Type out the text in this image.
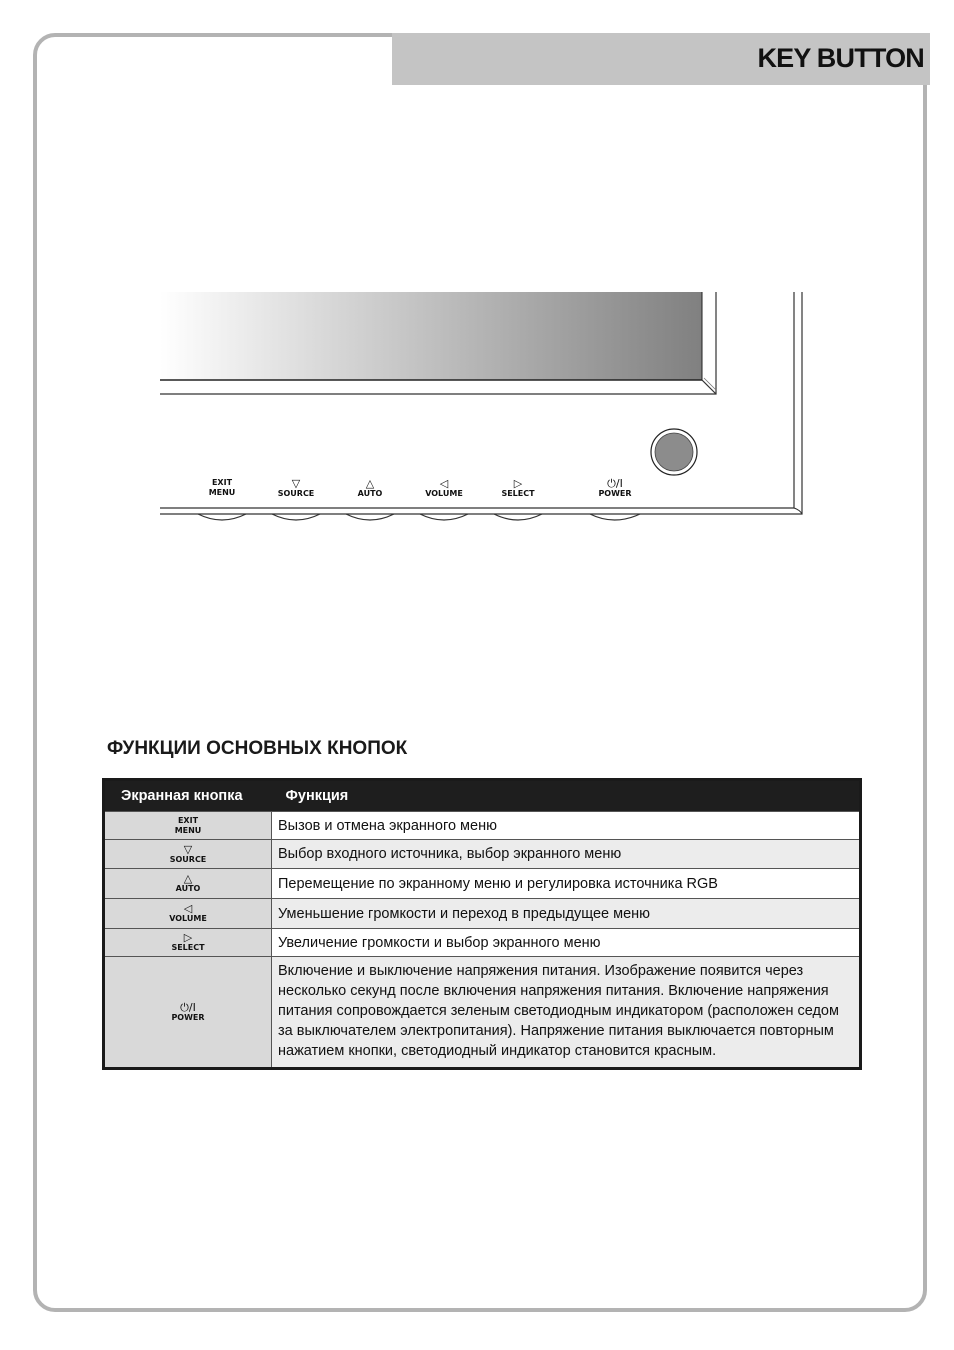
KEY BUTTON
EXIT
MENU
▽
SOURCE
△
AUTO
◁
VOLUME
▷
SELECT
⏻/I
POWER
ФУНКЦИИ ОСНОВНЫХ КНОПОК
Экранная кнопка	Функция
EXIT
MENU	Вызов и отмена экранного меню

▽
SOURCE	Выбор входного источника, выбор экранного меню

△
AUTO	Перемещение по экранному меню и регулировка источника RGB

◁
VOLUME	Уменьшение громкости и переход в предыдущее меню

▷
SELECT	Увеличение громкости и выбор экранного меню

⏻/I
POWER	Включение и выключение напряжения питания. Изображение появится через несколько секунд после включения напряжения питания. Включение напряжения питания сопровождается зеленым светодиодным индикатором (расположен седом за выключателем электропитания). Напряжение питания выключается повторным нажатием кнопки, светодиодный индикатор становится красным.
